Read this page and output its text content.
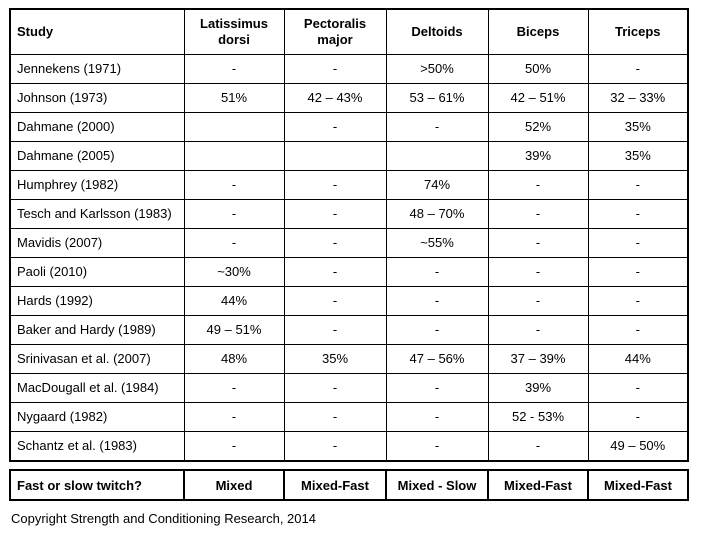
Study	Latissimus dorsi	Pectoralis major	Deltoids	Biceps	Triceps
Jennekens (1971)	-	-	>50%	50%	-
Johnson (1973)	51%	42 – 43%	53 – 61%	42 – 51%	32 – 33%
Dahmane (2000)		-	-	52%	35%
Dahmane (2005)				39%	35%
Humphrey (1982)	-	-	74%	-	-
Tesch and Karlsson (1983)	-	-	48 – 70%	-	-
Mavidis (2007)	-	-	~55%	-	-
Paoli (2010)	~30%	-	-	-	-
Hards (1992)	44%	-	-	-	-
Baker and Hardy (1989)	49 – 51%	-	-	-	-
Srinivasan et al. (2007)	48%	35%	47 – 56%	37 – 39%	44%
MacDougall et al. (1984)	-	-	-	39%	-
Nygaard (1982)	-	-	-	52 - 53%	-
Schantz et al. (1983)	-	-	-	-	49 – 50%
Fast or slow twitch?	Mixed	Mixed-Fast	Mixed - Slow	Mixed-Fast	Mixed-Fast
Copyright Strength and Conditioning Research, 2014
